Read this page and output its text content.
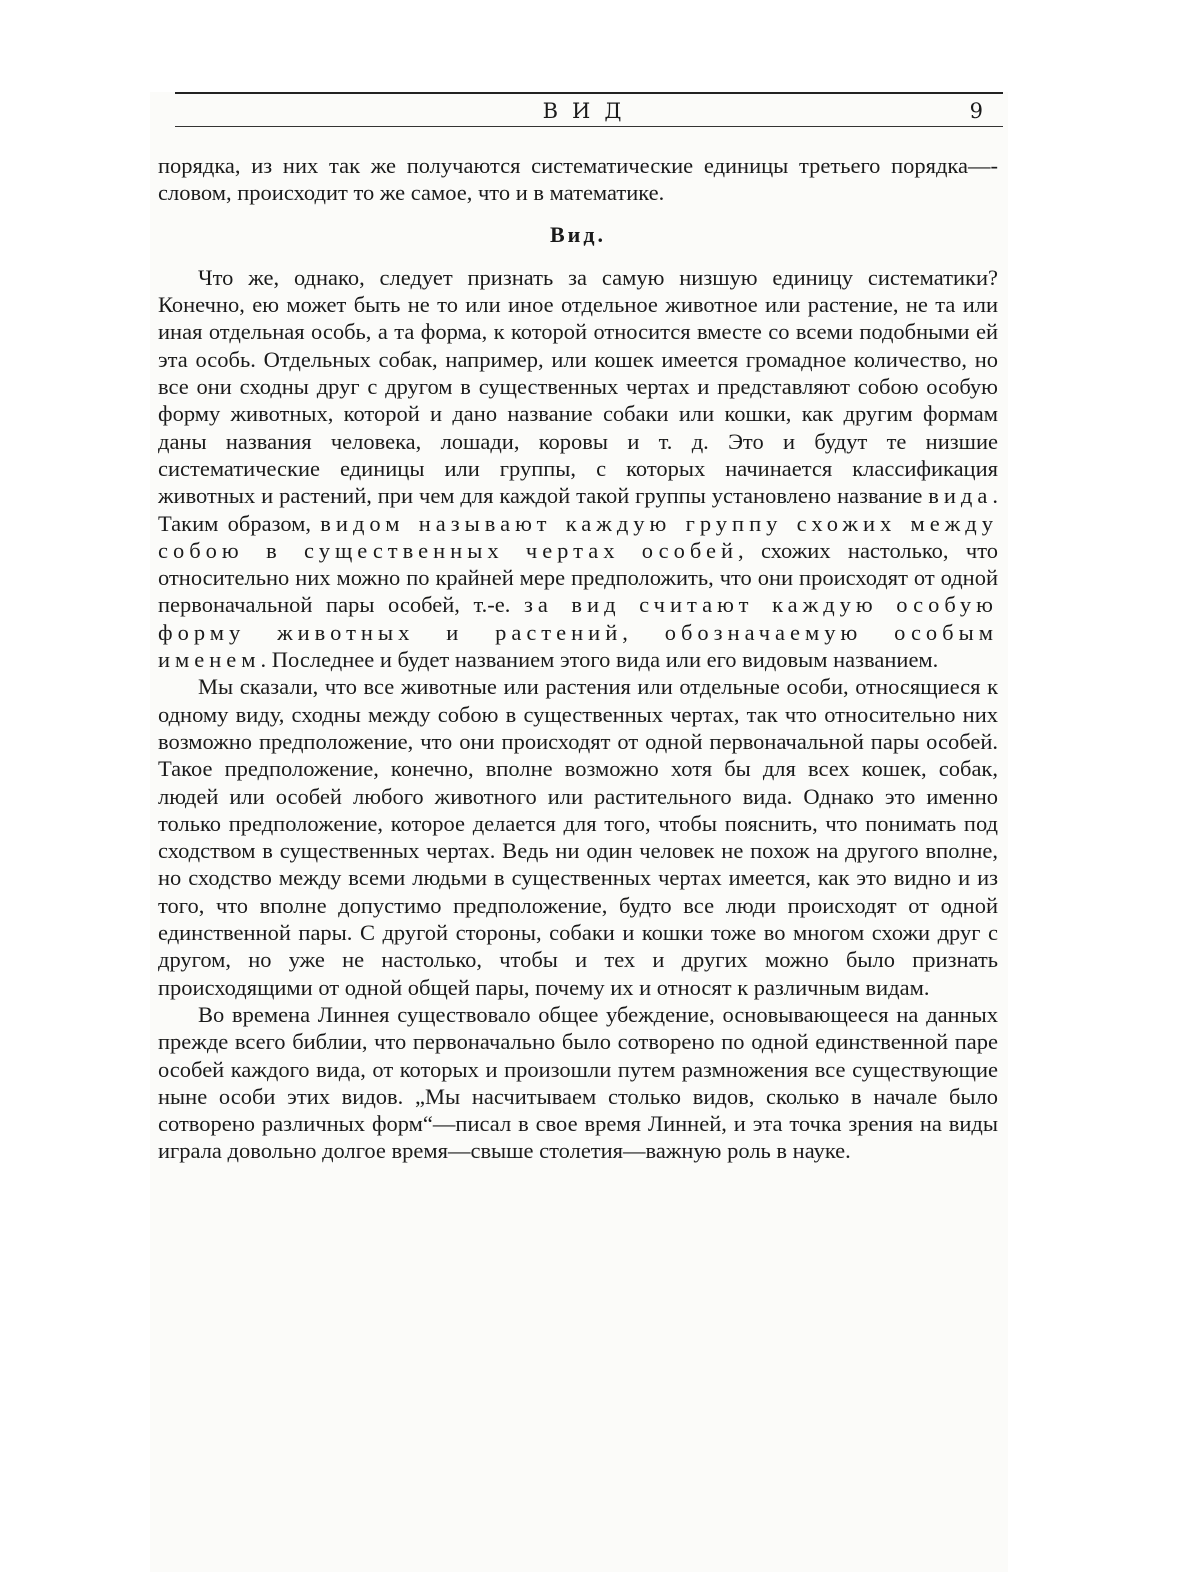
ВИД	9

порядка, из них так же получаются систематические единицы третьего порядка—-словом, происходит то же самое, что и в математике.

Вид.

Что же, однако, следует признать за самую низшую единицу систематики? Конечно, ею может быть не то или иное отдельное животное или растение, не та или иная отдельная особь, а та форма, к которой относится вместе со всеми подобными ей эта особь. Отдельных собак, например, или кошек имеется громадное количество, но все они сходны друг с другом в существенных чертах и представляют собою особую форму животных, которой и дано название собаки или кошки, как другим формам даны названия человека, лошади, коровы и т. д. Это и будут те низшие систематические единицы или группы, с которых начинается классификация животных и растений, при чем для каждой такой группы установлено название вида. Таким образом, видом называют каждую группу схожих между собою в существенных чертах особей, схожих настолько, что относительно них можно по крайней мере предположить, что они происходят от одной первоначальной пары особей, т.-е. за вид считают каждую особую форму животных и растений, обозначаемую особым именем. Последнее и будет названием этого вида или его видовым названием.

Мы сказали, что все животные или растения или отдельные особи, относящиеся к одному виду, сходны между собою в существенных чертах, так что относительно них возможно предположение, что они происходят от одной первоначальной пары особей. Такое предположение, конечно, вполне возможно хотя бы для всех кошек, собак, людей или особей любого животного или растительного вида. Однако это именно только предположение, которое делается для того, чтобы пояснить, что понимать под сходством в существенных чертах. Ведь ни один человек не похож на другого вполне, но сходство между всеми людьми в существенных чертах имеется, как это видно и из того, что вполне допустимо предположение, будто все люди происходят от одной единственной пары. С другой стороны, собаки и кошки тоже во многом схожи друг с другом, но уже не настолько, чтобы и тех и других можно было признать происходящими от одной общей пары, почему их и относят к различным видам.

Во времена Линнея существовало общее убеждение, основывающееся на данных прежде всего библии, что первоначально было сотворено по одной единственной паре особей каждого вида, от которых и произошли путем размножения все существующие ныне особи этих видов. „Мы насчитываем столько видов, сколько в начале было сотворено различных форм“—писал в свое время Линней, и эта точка зрения на виды играла довольно долгое время—свыше столетия—важную роль в науке.
